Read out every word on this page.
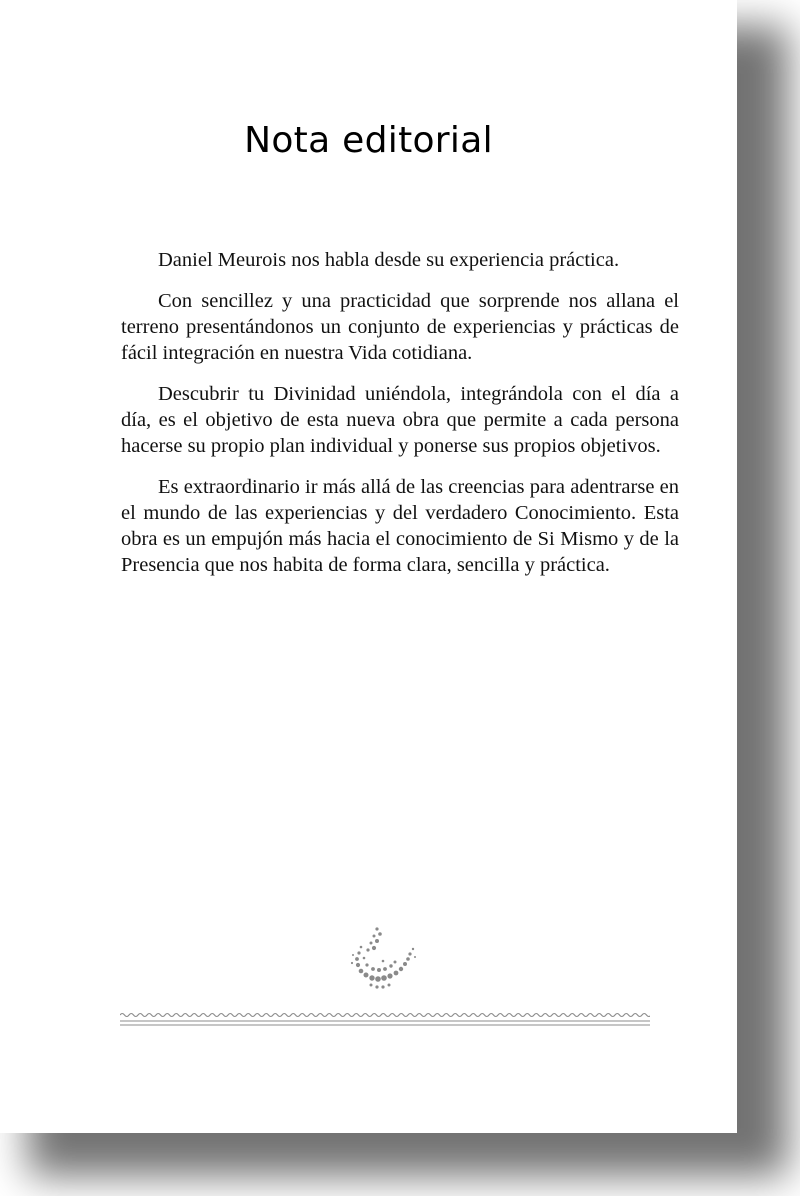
Nota editorial

Daniel Meurois nos habla desde su experiencia práctica.

Con sencillez y una practicidad que sorprende nos allana el terreno presentándonos un conjunto de experiencias y prácticas de fácil integración en nuestra Vida cotidiana.

Descubrir tu Divinidad uniéndola, integrándola con el día a día, es el objetivo de esta nueva obra que permite a cada persona hacerse su propio plan individual y ponerse sus propios objetivos.

Es extraordinario ir más allá de las creencias para adentrarse en el mundo de las experiencias y del verdadero Conocimiento. Esta obra es un empujón más hacia el conocimiento de Si Mismo y de la Presencia que nos habita de forma clara, sencilla y práctica.
